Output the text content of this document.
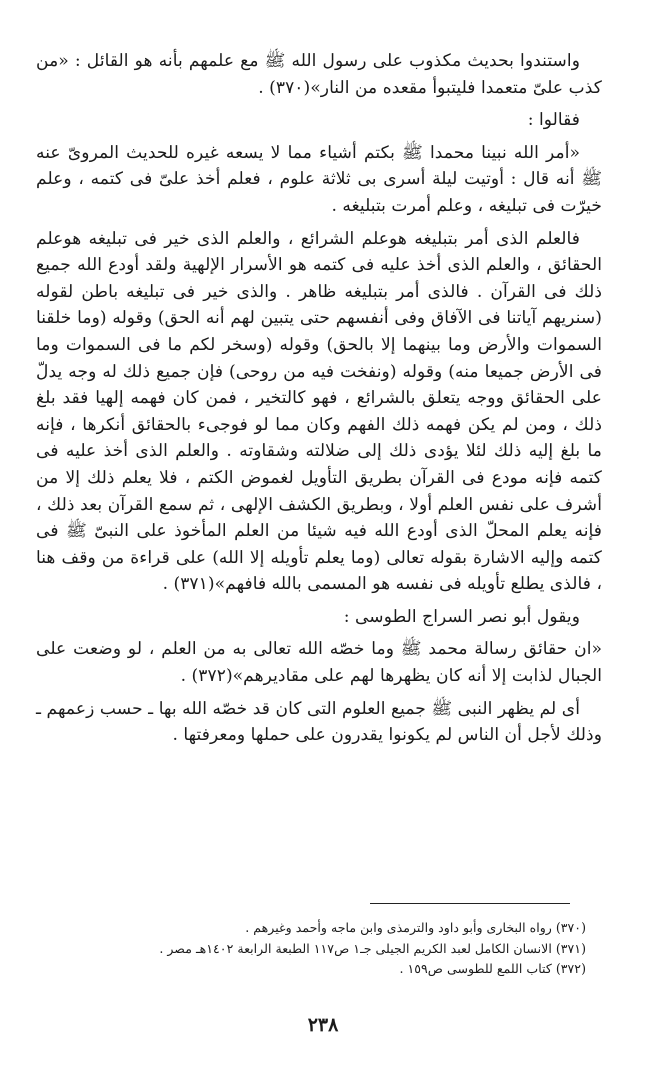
واستندوا بحديث مكذوب على رسول الله ﷺ مع علمهم بأنه هو القائل : «من كذب علىّ متعمدا فليتبوأ مقعده من النار»(٣٧٠) .

فقالوا :

«أمر الله نبينا محمدا ﷺ بكتم أشياء مما لا يسعه غيره للحديث المروىّ عنه ﷺ أنه قال : أوتيت ليلة أسرى بى ثلاثة علوم ، فعلم أخذ علىّ فى كتمه ، وعلم خيرّت فى تبليغه ، وعلم أمرت بتبليغه .

فالعلم الذى أمر بتبليغه هوعلم الشرائع ، والعلم الذى خير فى تبليغه هوعلم الحقائق ، والعلم الذى أخذ عليه فى كتمه هو الأسرار الإلهية ولقد أودع الله جميع ذلك فى القرآن . فالذى أمر بتبليغه ظاهر . والذى خير فى تبليغه باطن لقوله (سنريهم آياتنا فى الآفاق وفى أنفسهم حتى يتبين لهم أنه الحق) وقوله (وما خلقنا السموات والأرض وما بينهما إلا بالحق) وقوله (وسخر لكم ما فى السموات وما فى الأرض جميعا منه) وقوله (ونفخت فيه من روحى) فإن جميع ذلك له وجه يدلّ على الحقائق ووجه يتعلق بالشرائع ، فهو كالتخير ، فمن كان فهمه إلهيا فقد بلغ ذلك ، ومن لم يكن فهمه ذلك الفهم وكان مما لو فوجىء بالحقائق أنكرها ، فإنه ما بلغ إليه ذلك لئلا يؤدى ذلك إلى ضلالته وشقاوته . والعلم الذى أخذ عليه فى كتمه فإنه مودع فى القرآن بطريق التأويل لغموض الكتم ، فلا يعلم ذلك إلا من أشرف على نفس العلم أولا ، وبطريق الكشف الإلهى ، ثم سمع القرآن بعد ذلك ، فإنه يعلم المحلّ الذى أودع الله فيه شيئا من العلم المأخوذ على النبىّ ﷺ فى كتمه وإليه الاشارة بقوله تعالى (وما يعلم تأويله إلا الله) على قراءة من وقف هنا ، فالذى يطلع تأويله فى نفسه هو المسمى بالله فافهم»(٣٧١) .

ويقول أبو نصر السراج الطوسى :

«ان حقائق رسالة محمد ﷺ وما خصّه الله تعالى به من العلم ، لو وضعت على الجبال لذابت إلا أنه كان يظهرها لهم على مقاديرهم»(٣٧٢) .

أى لم يظهر النبى ﷺ جميع العلوم التى كان قد خصّه الله بها ـ حسب زعمهم ـ وذلك لأجل أن الناس لم يكونوا يقدرون على حملها ومعرفتها .

(٣٧٠) رواه البخارى وأبو داود والترمذى وابن ماجه وأحمد وغيرهم .

(٣٧١) الانسان الكامل لعبد الكريم الجيلى جـ١ ص١١٧ الطبعة الرابعة ١٤٠٢هـ مصر .

(٣٧٢) كتاب اللمع للطوسى ص١٥٩ .

٢٣٨
